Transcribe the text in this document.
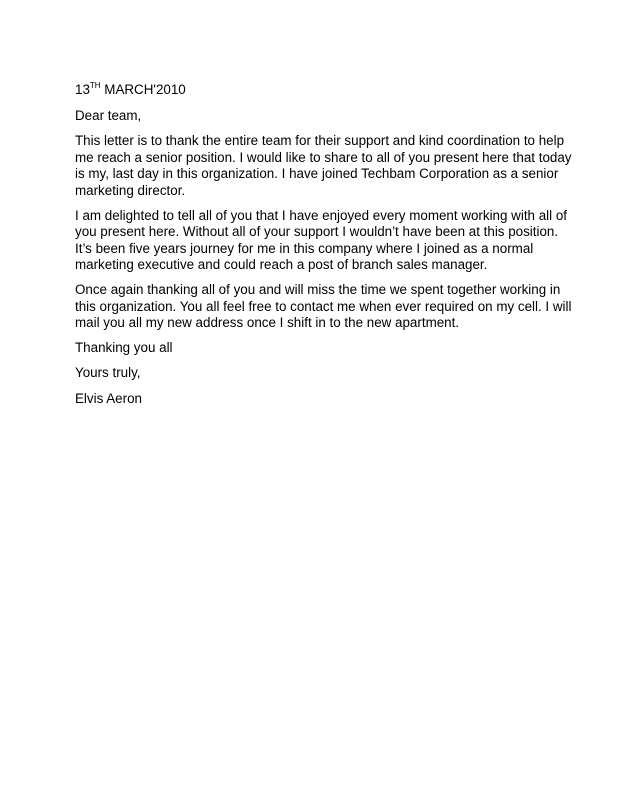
13TH MARCH'2010

Dear team,

This letter is to thank the entire team for their support and kind coordination to help me reach a senior position. I would like to share to all of you present here that today is my, last day in this organization. I have joined Techbam Corporation as a senior marketing director.

I am delighted to tell all of you that I have enjoyed every moment working with all of you present here. Without all of your support I wouldn’t have been at this position. It’s been five years journey for me in this company where I joined as a normal marketing executive and could reach a post of branch sales manager.

Once again thanking all of you and will miss the time we spent together working in this organization. You all feel free to contact me when ever required on my cell. I will mail you all my new address once I shift in to the new apartment.

Thanking you all

Yours truly,

Elvis Aeron
